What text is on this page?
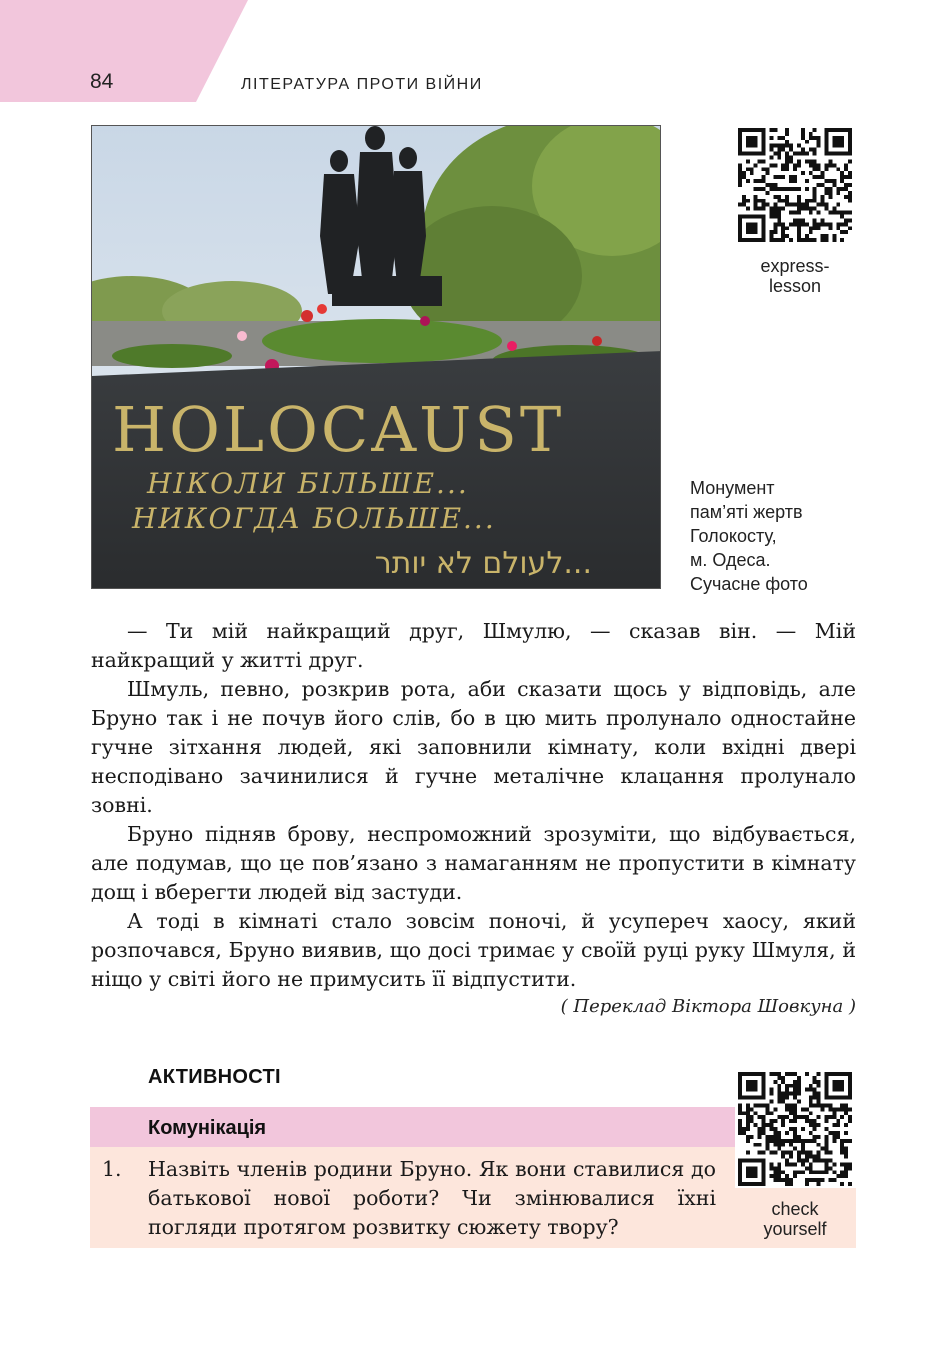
84	ЛІТЕРАТУРА ПРОТИ ВІЙНИ
HOLOCAUST
НІКОЛИ БІЛЬШЕ...
НИКОГДА БОЛЬШЕ...
לעולם לא יותר...
express-
lesson
Монумент
пам’яті жертв
Голокосту,
м. Одеса.
Сучасне фото

— Ти мій найкращий друг, Шмулю, — сказав він. — Мій найкращий у житті друг.

Шмуль, певно, розкрив рота, аби сказати щось у відповідь, але Бруно так і не почув його слів, бо в цю мить пролунало одностайне гучне зітхання людей, які заповнили кімнату, коли вхідні двері несподівано зачинилися й гучне металічне клацання пролунало зовні.

Бруно підняв брову, неспроможний зрозуміти, що відбувається, але подумав, що це пов’язано з намаганням не пропустити в кімнату дощ і вберегти людей від застуди.

А тоді в кімнаті стало зовсім поночі, й усупереч хаосу, який розпочався, Бруно виявив, що досі тримає у своїй руці руку Шмуля, й ніщо у світі його не примусить її відпустити.

( Переклад Віктора Шовкуна )
АКТИВНОСТІ
Комунікація
1. Назвіть членів родини Бруно. Як вони ставилися до батькової нової роботи? Чи змінювалися їхні погляди протягом розвитку сюжету твору?
check
yourself
